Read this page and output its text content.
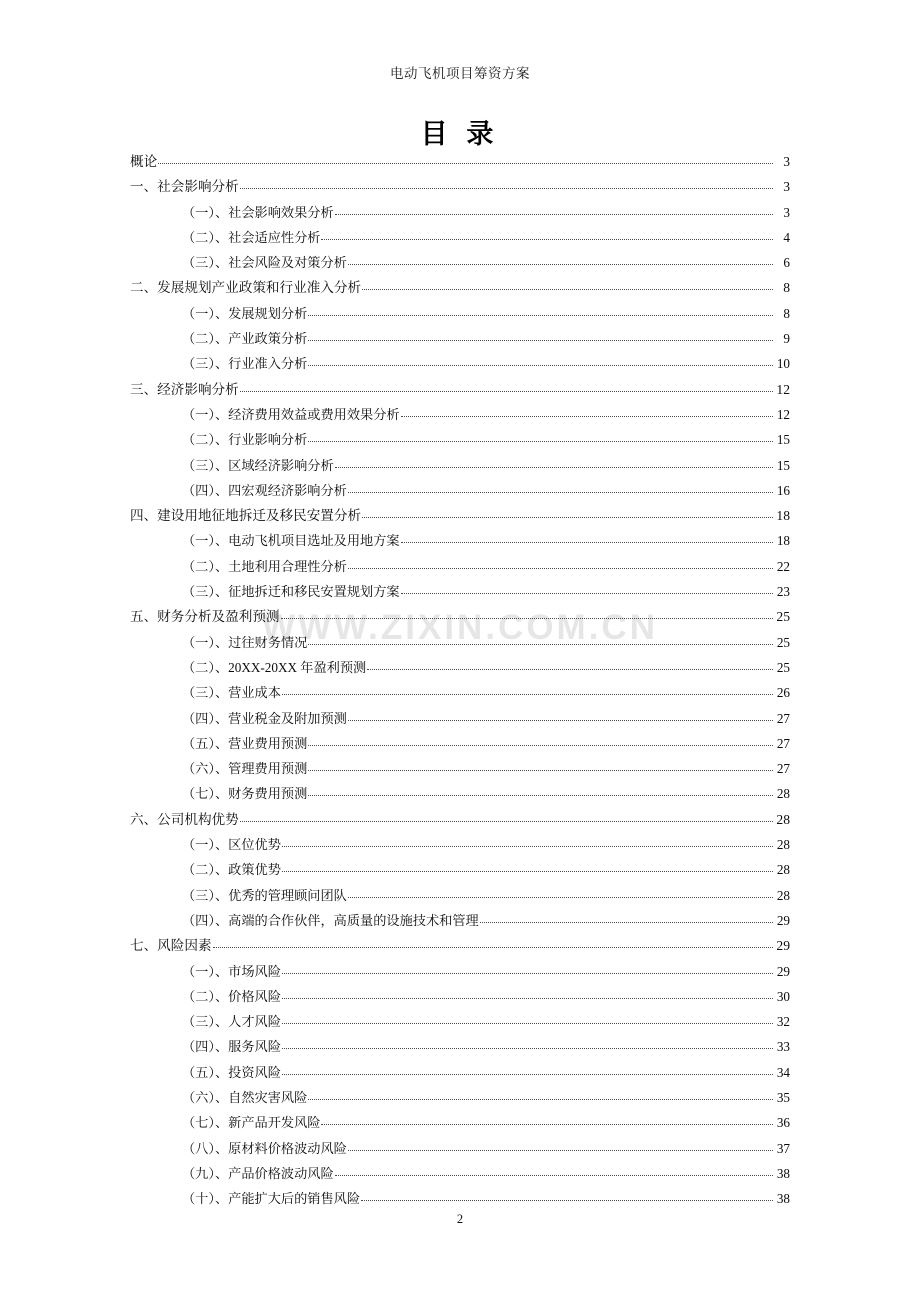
电动飞机项目筹资方案
目 录
WWW.ZIXIN.COM.CN
概论	3
一、社会影响分析	3
（一）、社会影响效果分析	3
（二）、社会适应性分析	4
（三）、社会风险及对策分析	6
二、发展规划产业政策和行业准入分析	8
（一）、发展规划分析	8
（二）、产业政策分析	9
（三）、行业准入分析	10
三、经济影响分析	12
（一）、经济费用效益或费用效果分析	12
（二）、行业影响分析	15
（三）、区域经济影响分析	15
（四）、四宏观经济影响分析	16
四、建设用地征地拆迁及移民安置分析	18
（一）、电动飞机项目选址及用地方案	18
（二）、土地利用合理性分析	22
（三）、征地拆迁和移民安置规划方案	23
五、财务分析及盈利预测	25
（一）、过往财务情况	25
（二）、20XX-20XX 年盈利预测	25
（三）、营业成本	26
（四）、营业税金及附加预测	27
（五）、营业费用预测	27
（六）、管理费用预测	27
（七）、财务费用预测	28
六、公司机构优势	28
（一）、区位优势	28
（二）、政策优势	28
（三）、优秀的管理顾问团队	28
（四）、高端的合作伙伴，高质量的设施技术和管理	29
七、风险因素	29
（一）、市场风险	29
（二）、价格风险	30
（三）、人才风险	32
（四）、服务风险	33
（五）、投资风险	34
（六）、自然灾害风险	35
（七）、新产品开发风险	36
（八）、原材料价格波动风险	37
（九）、产品价格波动风险	38
（十）、产能扩大后的销售风险	38
2
